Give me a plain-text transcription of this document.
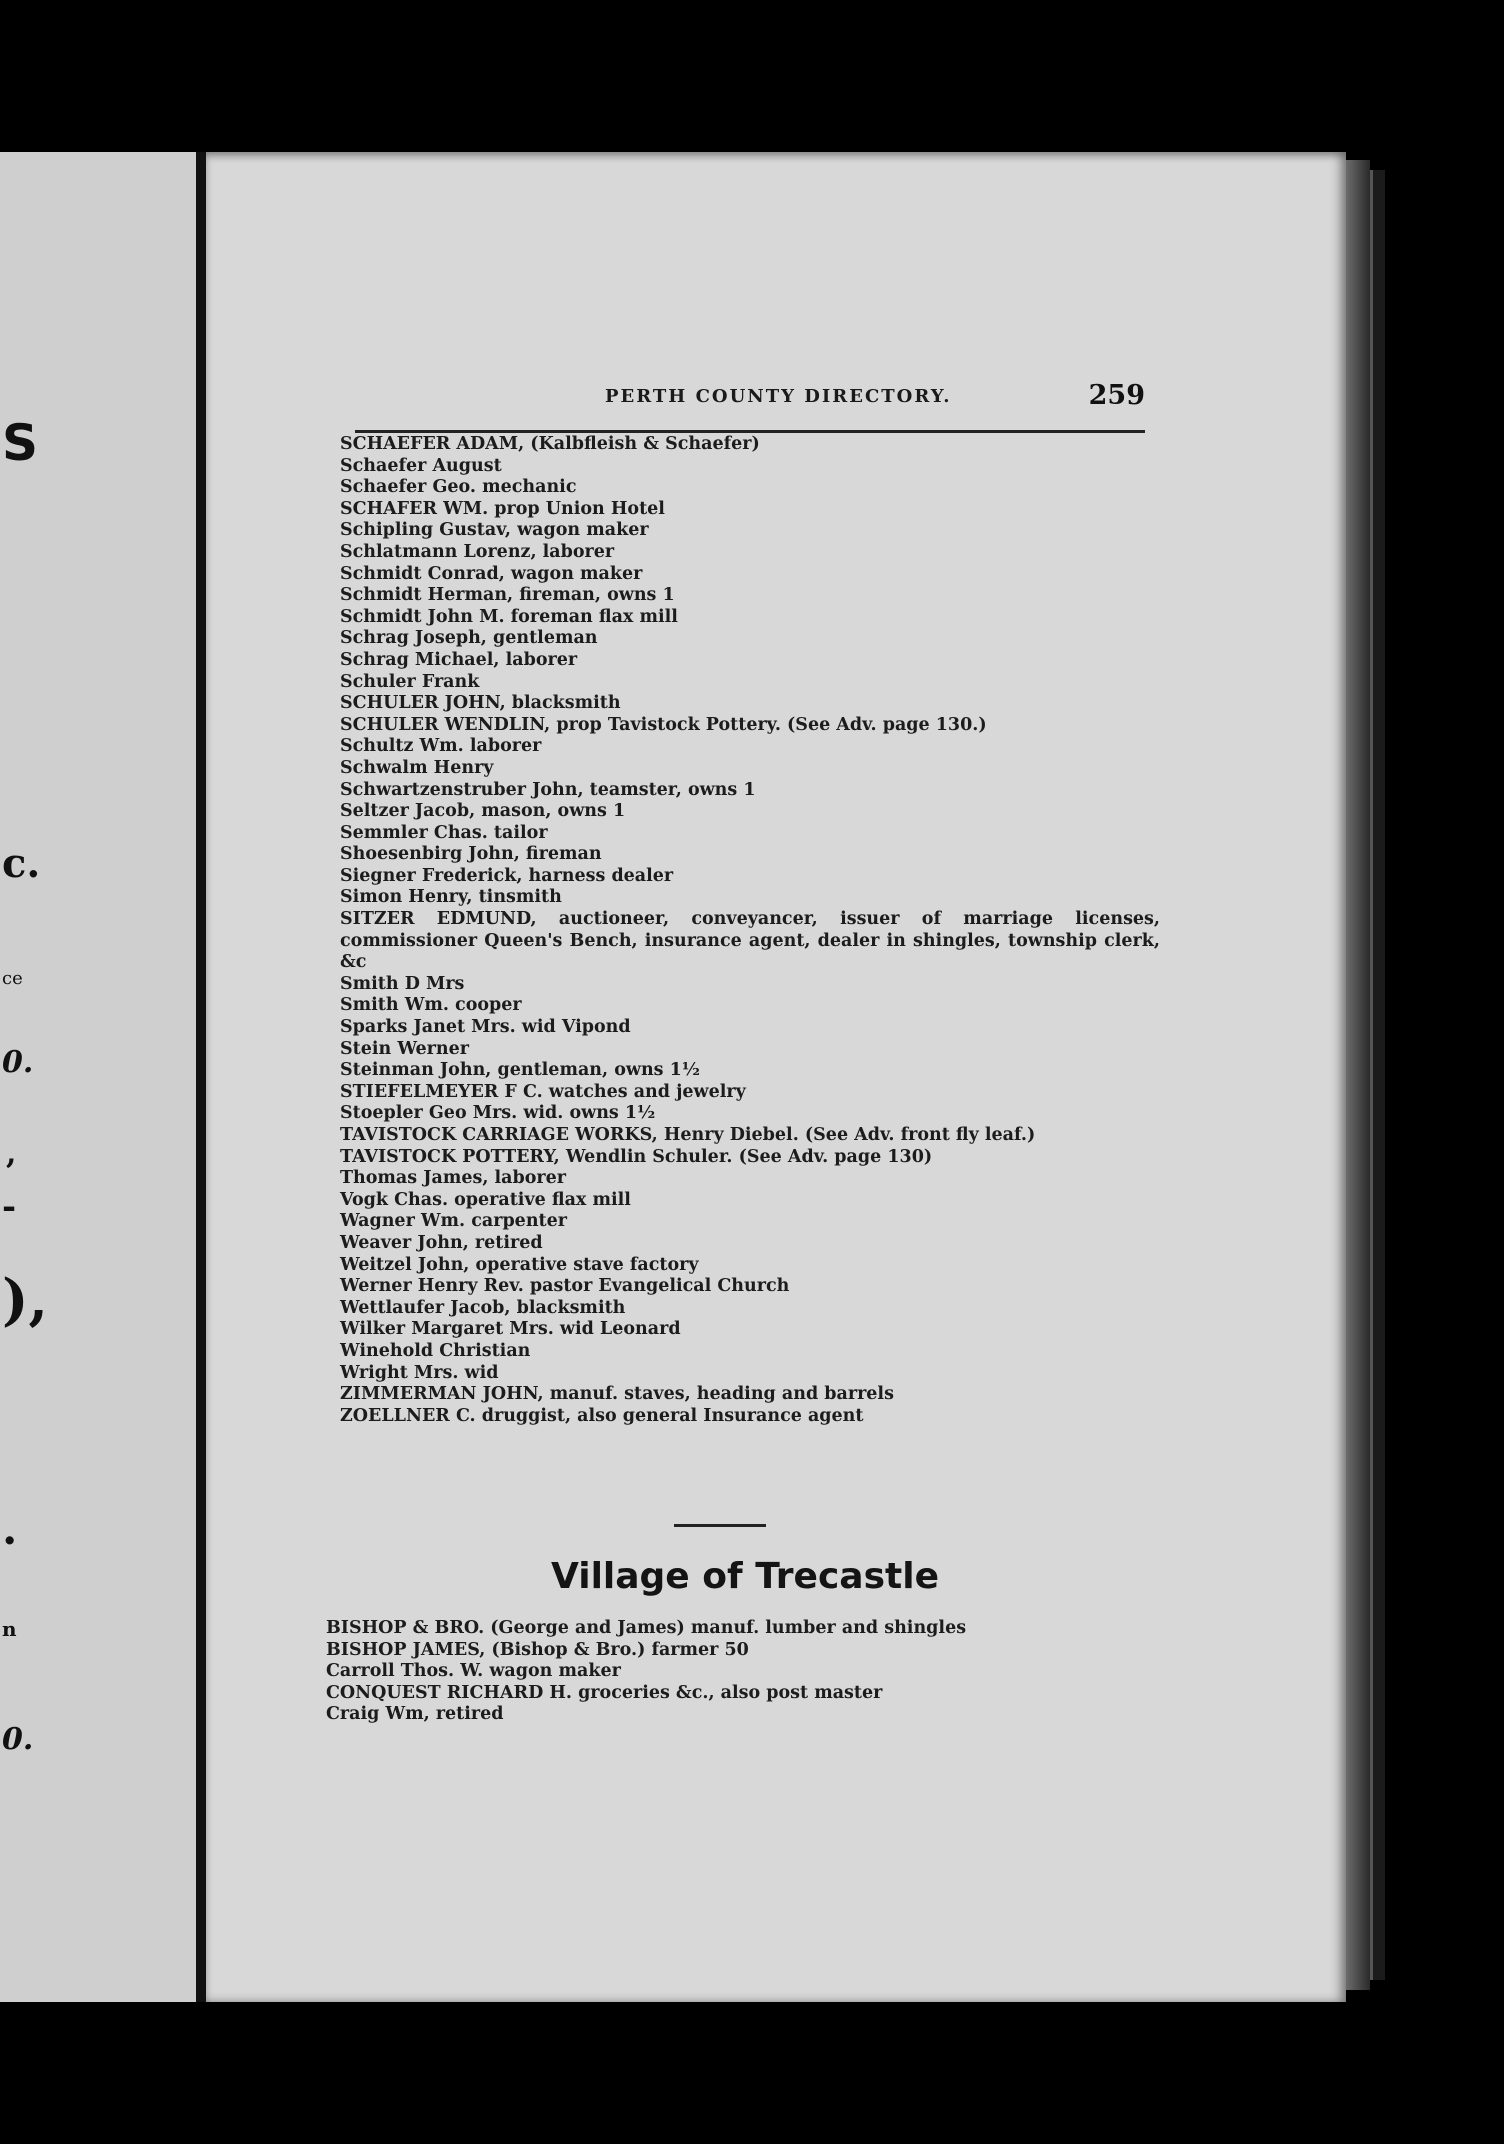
S
c.
ce
0.
,
-
),
.
n
0.
PERTH COUNTY DIRECTORY.	259

SCHAEFER ADAM, (Kalbfleish & Schaefer)

Schaefer August

Schaefer Geo. mechanic

SCHAFER WM. prop Union Hotel

Schipling Gustav, wagon maker

Schlatmann Lorenz, laborer

Schmidt Conrad, wagon maker

Schmidt Herman, fireman, owns 1

Schmidt John M. foreman flax mill

Schrag Joseph, gentleman

Schrag Michael, laborer

Schuler Frank

SCHULER JOHN, blacksmith

SCHULER WENDLIN, prop Tavistock Pottery. (See Adv. page 130.)

Schultz Wm. laborer

Schwalm Henry

Schwartzenstruber John, teamster, owns 1

Seltzer Jacob, mason, owns 1

Semmler Chas. tailor

Shoesenbirg John, fireman

Siegner Frederick, harness dealer

Simon Henry, tinsmith

SITZER EDMUND, auctioneer, conveyancer, issuer of marriage licenses, commissioner Queen's Bench, insurance agent, dealer in shingles, township clerk, &c

Smith D Mrs

Smith Wm. cooper

Sparks Janet Mrs. wid Vipond

Stein Werner

Steinman John, gentleman, owns 1½

STIEFELMEYER F C. watches and jewelry

Stoepler Geo Mrs. wid. owns 1½

TAVISTOCK CARRIAGE WORKS, Henry Diebel. (See Adv. front fly leaf.)

TAVISTOCK POTTERY, Wendlin Schuler. (See Adv. page 130)

Thomas James, laborer

Vogk Chas. operative flax mill

Wagner Wm. carpenter

Weaver John, retired

Weitzel John, operative stave factory

Werner Henry Rev. pastor Evangelical Church

Wettlaufer Jacob, blacksmith

Wilker Margaret Mrs. wid Leonard

Winehold Christian

Wright Mrs. wid

ZIMMERMAN JOHN, manuf. staves, heading and barrels

ZOELLNER C. druggist, also general Insurance agent

Village of Trecastle

BISHOP & BRO. (George and James) manuf. lumber and shingles

BISHOP JAMES, (Bishop & Bro.) farmer 50

Carroll Thos. W. wagon maker

CONQUEST RICHARD H. groceries &c., also post master

Craig Wm, retired
